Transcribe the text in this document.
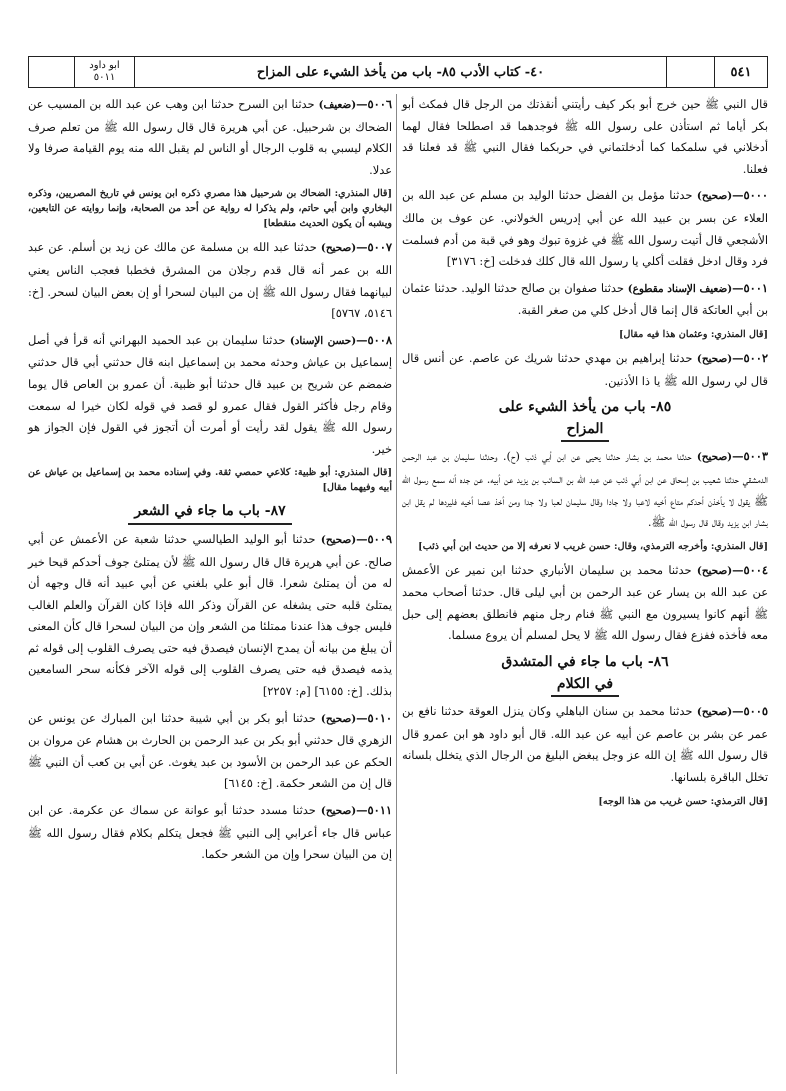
ابو داود
٥٠١١	٤٠- كتاب الأدب ٨٥- باب من يأخذ الشيء على المزاح	٥٤١

قال النبي ﷺ حين خرج أبو بكر كيف رأيتني أنقذتك من الرجل قال فمكث أبو بكر أياما ثم استأذن على رسول الله ﷺ فوجدهما قد اصطلحا فقال لهما أدخلاني في سلمكما كما أدخلتماني في حربكما فقال النبي ﷺ قد فعلنا قد فعلنا.

٥٠٠٠—(صحيح) حدثنا مؤمل بن الفضل حدثنا الوليد بن مسلم عن عبد الله بن العلاء عن بسر بن عبيد الله عن أبي إدريس الخولاني. عن عوف بن مالك الأشجعي قال أتيت رسول الله ﷺ في غزوة تبوك وهو في قبة من أدم فسلمت فرد وقال ادخل فقلت أكلي يا رسول الله قال كلك فدخلت [خ: ٣١٧٦]

٥٠٠١—(ضعيف الإسناد مقطوع) حدثنا صفوان بن صالح حدثنا الوليد. حدثنا عثمان بن أبي العاتكة قال إنما قال أدخل كلي من صغر القبة.

[قال المنذري: وعثمان هذا فيه مقال]

٥٠٠٢—(صحيح) حدثنا إبراهيم بن مهدي حدثنا شريك عن عاصم. عن أنس قال قال لي رسول الله ﷺ يا ذا الأذنين.

٨٥- باب من يأخذ الشيء على
المزاح

٥٠٠٣—(صحيح) حدثنا محمد بن بشار حدثنا يحيى عن ابن أبي ذئب (ح). وحدثنا سليمان بن عبد الرحمن الدمشقي حدثنا شعيب بن إسحاق عن ابن أبي ذئب عن عبد الله بن السائب بن يزيد عن أبيه. عن جده أنه سمع رسول الله ﷺ يقول لا يأخذن أحدكم متاع أخيه لاعبا ولا جادا وقال سليمان لعبا ولا جدا ومن أخذ عصا أخيه فليردها لم يقل ابن بشار ابن يزيد وقال قال رسول الله ﷺ.

[قال المنذري: وأخرجه الترمذي، وقال: حسن غريب لا نعرفه إلا من حديث ابن أبي ذئب]

٥٠٠٤—(صحيح) حدثنا محمد بن سليمان الأنباري حدثنا ابن نمير عن الأعمش عن عبد الله بن يسار عن عبد الرحمن بن أبي ليلى قال. حدثنا أصحاب محمد ﷺ أنهم كانوا يسيرون مع النبي ﷺ فنام رجل منهم فانطلق بعضهم إلى حبل معه فأخذه ففزع فقال رسول الله ﷺ لا يحل لمسلم أن يروع مسلما.

٨٦- باب ما جاء في المتشدق
في الكلام

٥٠٠٥—(صحيح) حدثنا محمد بن سنان الباهلي وكان ينزل العوقة حدثنا نافع بن عمر عن بشر بن عاصم عن أبيه عن عبد الله. قال أبو داود هو ابن عمرو قال قال رسول الله ﷺ إن الله عز وجل يبغض البليغ من الرجال الذي يتخلل بلسانه تخلل الباقرة بلسانها.

[قال الترمذي: حسن غريب من هذا الوجه]

٥٠٠٦—(ضعيف) حدثنا ابن السرح حدثنا ابن وهب عن عبد الله بن المسيب عن الضحاك بن شرحبيل. عن أبي هريرة قال قال رسول الله ﷺ من تعلم صرف الكلام ليسبي به قلوب الرجال أو الناس لم يقبل الله منه يوم القيامة صرفا ولا عدلا.

[قال المنذري: الضحاك بن شرحبيل هذا مصري ذكره ابن يونس في تاريخ المصريين، وذكره البخاري وابن أبي حاتم، ولم يذكرا له رواية عن أحد من الصحابة، وإنما روايته عن التابعين، ويشبه أن يكون الحديث منقطعا]

٥٠٠٧—(صحيح) حدثنا عبد الله بن مسلمة عن مالك عن زيد بن أسلم. عن عبد الله بن عمر أنه قال قدم رجلان من المشرق فخطبا فعجب الناس يعني لبيانهما فقال رسول الله ﷺ إن من البيان لسحرا أو إن بعض البيان لسحر. [خ: ٥١٤٦، ٥٧٦٧]

٥٠٠٨—(حسن الإسناد) حدثنا سليمان بن عبد الحميد البهراني أنه قرأ في أصل إسماعيل بن عياش وحدثه محمد بن إسماعيل ابنه قال حدثني أبي قال حدثني ضمضم عن شريح بن عبيد قال حدثنا أبو ظبية. أن عمرو بن العاص قال يوما وقام رجل فأكثر القول فقال عمرو لو قصد في قوله لكان خيرا له سمعت رسول الله ﷺ يقول لقد رأيت أو أمرت أن أتجوز في القول فإن الجواز هو خير.

[قال المنذري: أبو ظبية: كلاعي حمصي ثقة. وفي إسناده محمد بن إسماعيل بن عياش عن أبيه وفيهما مقال]

٨٧- باب ما جاء في الشعر

٥٠٠٩—(صحيح) حدثنا أبو الوليد الطيالسي حدثنا شعبة عن الأعمش عن أبي صالح. عن أبي هريرة قال قال رسول الله ﷺ لأن يمتلئ جوف أحدكم قيحا خير له من أن يمتلئ شعرا. قال أبو علي بلغني عن أبي عبيد أنه قال وجهه أن يمتلئ قلبه حتى يشغله عن القرآن وذكر الله فإذا كان القرآن والعلم الغالب فليس جوف هذا عندنا ممتلئا من الشعر وإن من البيان لسحرا قال كأن المعنى أن يبلغ من بيانه أن يمدح الإنسان فيصدق فيه حتى يصرف القلوب إلى قوله ثم يذمه فيصدق فيه حتى يصرف القلوب إلى قوله الآخر فكأنه سحر السامعين بذلك. [خ: ٦١٥٥] [م: ٢٢٥٧]

٥٠١٠—(صحيح) حدثنا أبو بكر بن أبي شيبة حدثنا ابن المبارك عن يونس عن الزهري قال حدثني أبو بكر بن عبد الرحمن بن الحارث بن هشام عن مروان بن الحكم عن عبد الرحمن بن الأسود بن عبد يغوث. عن أبي بن كعب أن النبي ﷺ قال إن من الشعر حكمة. [خ: ٦١٤٥]

٥٠١١—(صحيح) حدثنا مسدد حدثنا أبو عوانة عن سماك عن عكرمة. عن ابن عباس قال جاء أعرابي إلى النبي ﷺ فجعل يتكلم بكلام فقال رسول الله ﷺ إن من البيان سحرا وإن من الشعر حكما.
